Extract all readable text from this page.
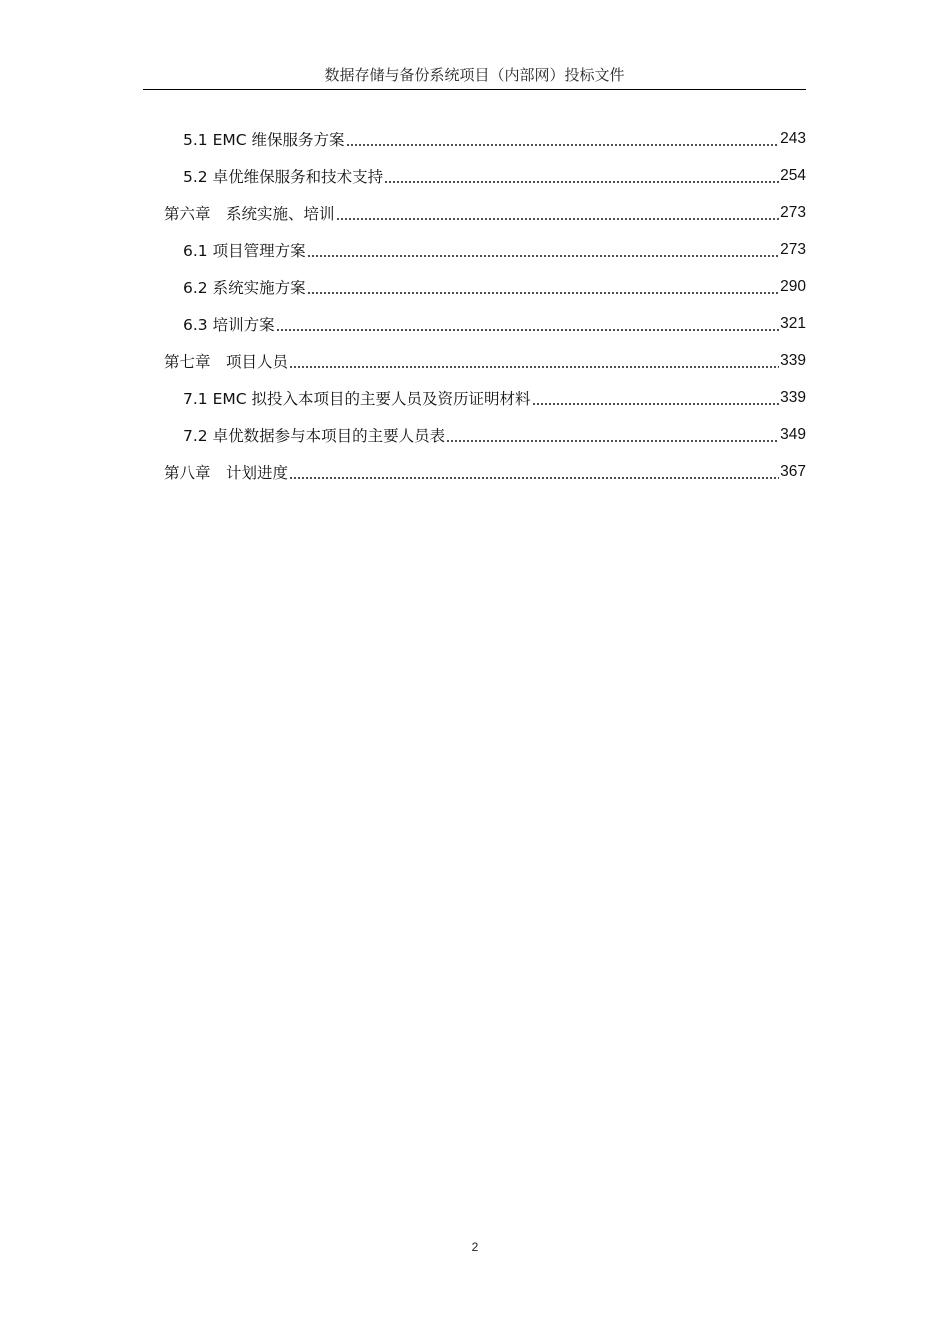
数据存储与备份系统项目（内部网）投标文件
5.1 EMC 维保服务方案	243
5.2 卓优维保服务和技术支持	254
第六章　系统实施、培训	273
6.1 项目管理方案	273
6.2 系统实施方案	290
6.3 培训方案	321
第七章　项目人员	339
7.1 EMC 拟投入本项目的主要人员及资历证明材料	339
7.2 卓优数据参与本项目的主要人员表	349
第八章　计划进度	367
2
